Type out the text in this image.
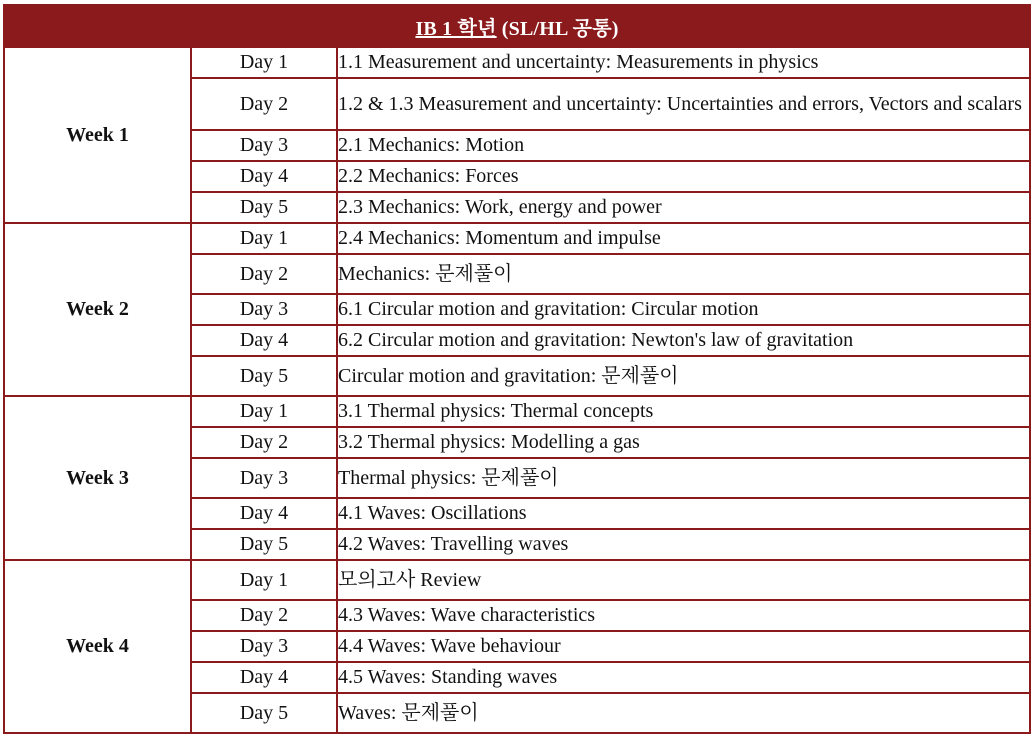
IB 1 학년 (SL/HL 공통)		
Week 1	Day 1	1.1 Measurement and uncertainty: Measurements in physics
	Day 2	1.2 & 1.3 Measurement and uncertainty: Uncertainties and errors, Vectors and scalars
	Day 3	2.1 Mechanics: Motion
	Day 4	2.2 Mechanics: Forces
	Day 5	2.3 Mechanics: Work, energy and power
Week 2	Day 1	2.4 Mechanics: Momentum and impulse
	Day 2	Mechanics: 문제풀이
	Day 3	6.1 Circular motion and gravitation: Circular motion
	Day 4	6.2 Circular motion and gravitation: Newton's law of gravitation
	Day 5	Circular motion and gravitation: 문제풀이
Week 3	Day 1	3.1 Thermal physics: Thermal concepts
	Day 2	3.2 Thermal physics: Modelling a gas
	Day 3	Thermal physics: 문제풀이
	Day 4	4.1 Waves: Oscillations
	Day 5	4.2 Waves: Travelling waves
Week 4	Day 1	모의고사 Review
	Day 2	4.3 Waves: Wave characteristics
	Day 3	4.4 Waves: Wave behaviour
	Day 4	4.5 Waves: Standing waves
	Day 5	Waves: 문제풀이
